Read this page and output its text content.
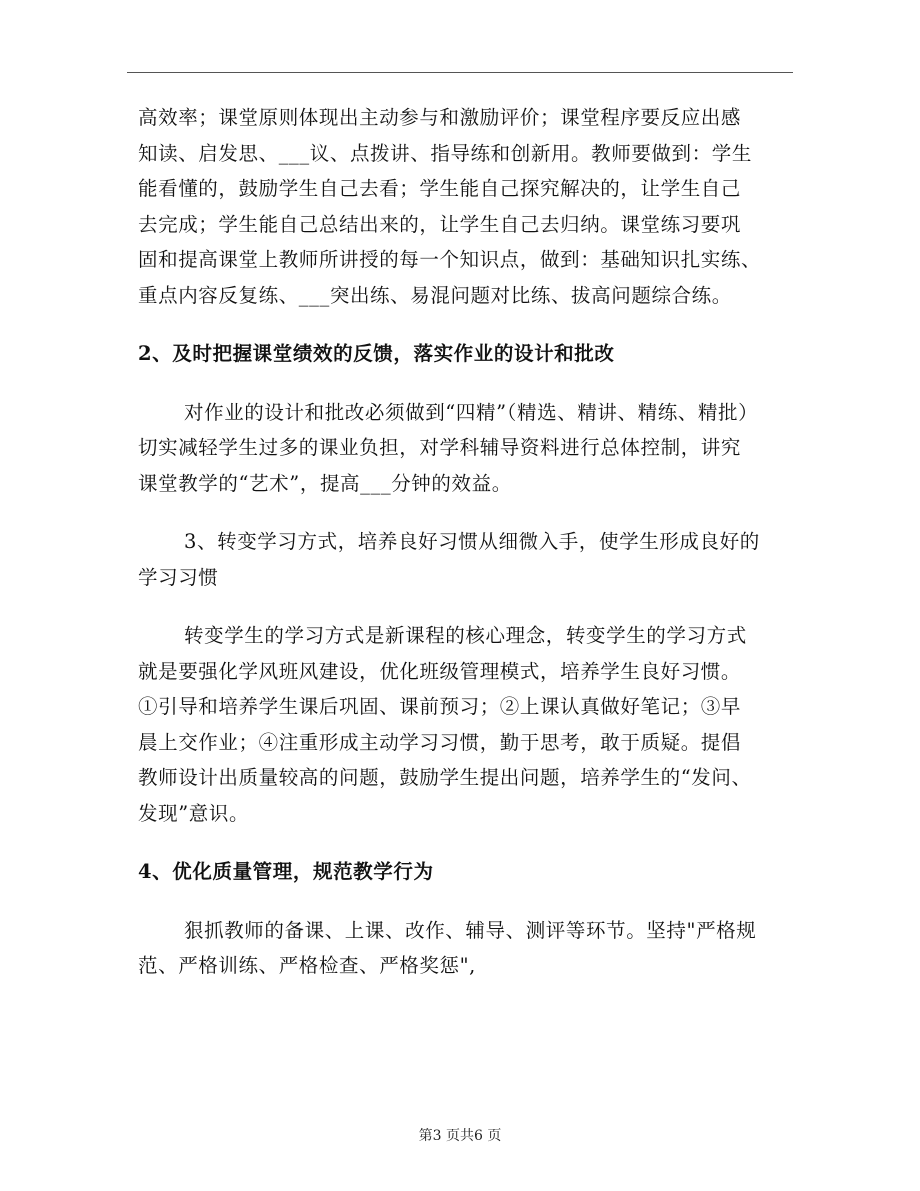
高效率；课堂原则体现出主动参与和激励评价；课堂程序要反应出感
知读、启发思、___议、点拨讲、指导练和创新用。教师要做到：学生
能看懂的，鼓励学生自己去看；学生能自己探究解决的，让学生自己
去完成；学生能自己总结出来的，让学生自己去归纳。课堂练习要巩
固和提高课堂上教师所讲授的每一个知识点，做到：基础知识扎实练、
重点内容反复练、___突出练、易混问题对比练、拔高问题综合练。
2、及时把握课堂绩效的反馈，落实作业的设计和批改
对作业的设计和批改必须做到“四精”（精选、精讲、精练、精批）
切实减轻学生过多的课业负担，对学科辅导资料进行总体控制，讲究
课堂教学的“艺术”，提高___分钟的效益。
3、转变学习方式，培养良好习惯从细微入手，使学生形成良好的
学习习惯
转变学生的学习方式是新课程的核心理念，转变学生的学习方式
就是要强化学风班风建设，优化班级管理模式，培养学生良好习惯。
①引导和培养学生课后巩固、课前预习；②上课认真做好笔记；③早
晨上交作业；④注重形成主动学习习惯，勤于思考，敢于质疑。提倡
教师设计出质量较高的问题，鼓励学生提出问题，培养学生的“发问、
发现”意识。
4、优化质量管理，规范教学行为
狠抓教师的备课、上课、改作、辅导、测评等环节。坚持"严格规
范、严格训练、严格检查、严格奖惩",
第3 页共6 页
